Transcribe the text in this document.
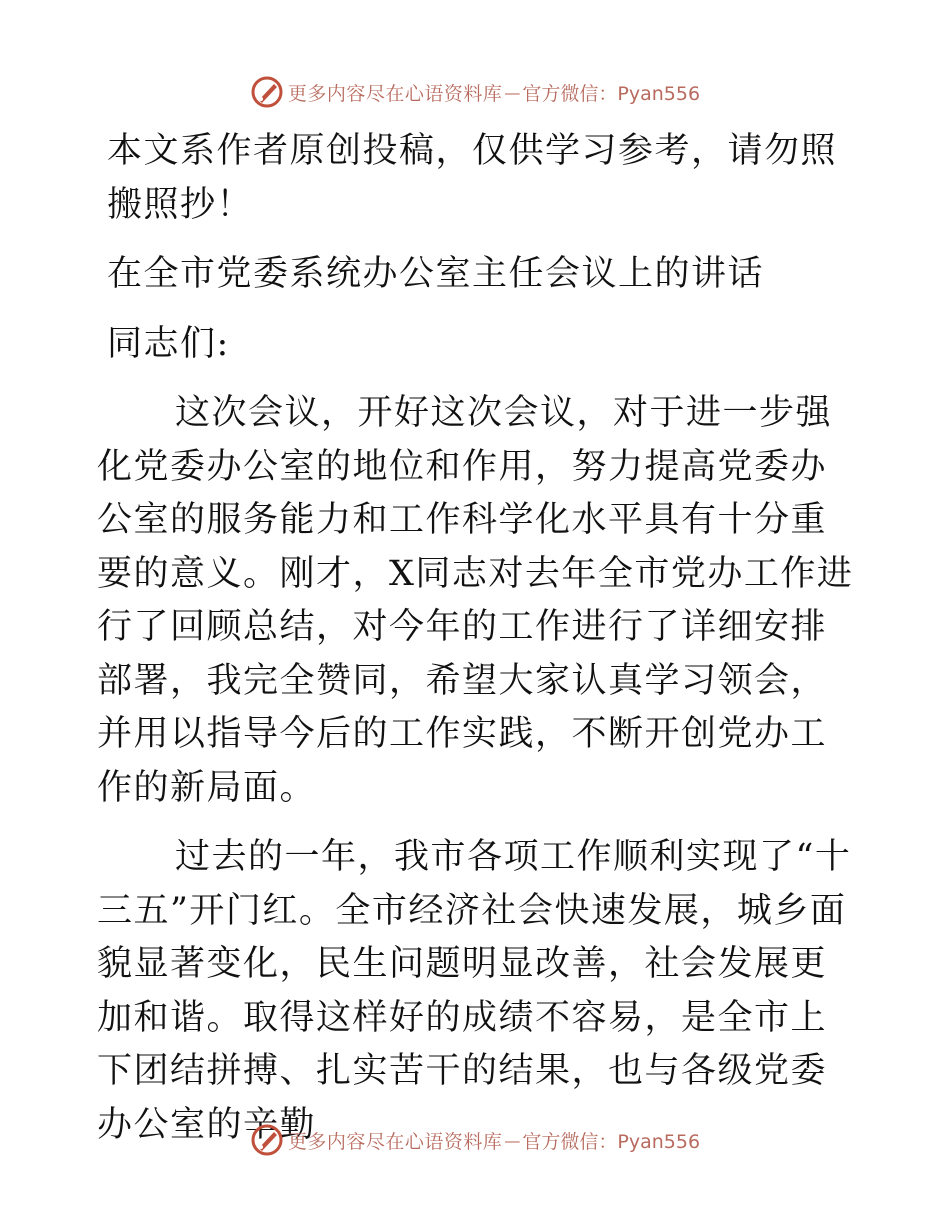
更多内容尽在心语资料库 — 官方微信：Pyan556

本文系作者原创投稿，仅供学习参考，请勿照搬照抄！

在全市党委系统办公室主任会议上的讲话

同志们:

这次会议，开好这次会议，对于进一步强化党委办公室的地位和作用，努力提高党委办公室的服务能力和工作科学化水平具有十分重要的意义。刚才，X同志对去年全市党办工作进行了回顾总结，对今年的工作进行了详细安排部署，我完全赞同，希望大家认真学习领会，并用以指导今后的工作实践，不断开创党办工作的新局面。

过去的一年，我市各项工作顺利实现了“十三五”开门红。全市经济社会快速发展，城乡面貌显著变化，民生问题明显改善，社会发展更加和谐。取得这样好的成绩不容易，是全市上下团结拼搏、扎实苦干的结果，也与各级党委办公室的辛勤

更多内容尽在心语资料库 — 官方微信：Pyan556
